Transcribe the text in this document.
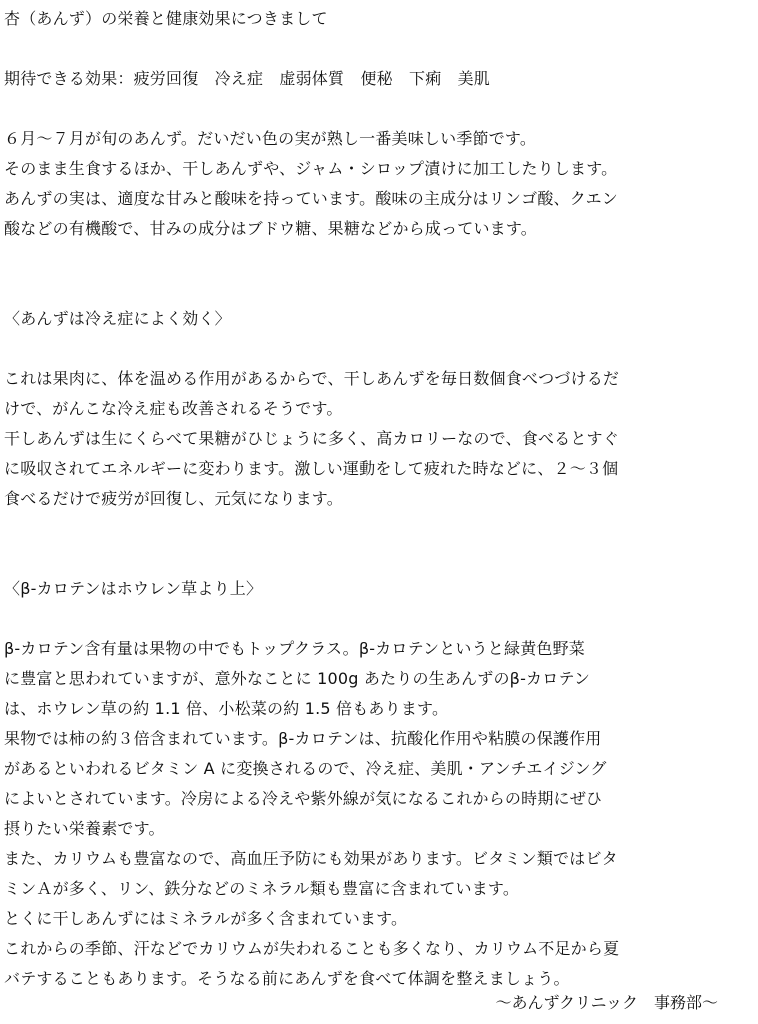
杏（あんず）の栄養と健康効果につきまして
期待できる効果：疲労回復　冷え症　虚弱体質　便秘　下痢　美肌
６月～７月が旬のあんず。だいだい色の実が熟し一番美味しい季節です。
そのまま生食するほか、干しあんずや、ジャム・シロップ漬けに加工したりします。
あんずの実は、適度な甘みと酸味を持っています。酸味の主成分はリンゴ酸、クエン
酸などの有機酸で、甘みの成分はブドウ糖、果糖などから成っています。
〈あんずは冷え症によく効く〉
これは果肉に、体を温める作用があるからで、干しあんずを毎日数個食べつづけるだ
けで、がんこな冷え症も改善されるそうです。
干しあんずは生にくらべて果糖がひじょうに多く、高カロリーなので、食べるとすぐ
に吸収されてエネルギーに変わります。激しい運動をして疲れた時などに、２～３個
食べるだけで疲労が回復し、元気になります。
〈β-カロテンはホウレン草より上〉
β-カロテン含有量は果物の中でもトップクラス。β-カロテンというと緑黄色野菜
に豊富と思われていますが、意外なことに 100g あたりの生あんずのβ-カロテン
は、ホウレン草の約 1.1 倍、小松菜の約 1.5 倍もあります。
果物では柿の約３倍含まれています。β-カロテンは、抗酸化作用や粘膜の保護作用
があるといわれるビタミン A に変換されるので、冷え症、美肌・アンチエイジング
によいとされています。冷房による冷えや紫外線が気になるこれからの時期にぜひ
摂りたい栄養素です。
また、カリウムも豊富なので、高血圧予防にも効果があります。ビタミン類ではビタ
ミンＡが多く、リン、鉄分などのミネラル類も豊富に含まれています。
とくに干しあんずにはミネラルが多く含まれています。
これからの季節、汗などでカリウムが失われることも多くなり、カリウム不足から夏
バテすることもあります。そうなる前にあんずを食べて体調を整えましょう。
～あんずクリニック　事務部～
